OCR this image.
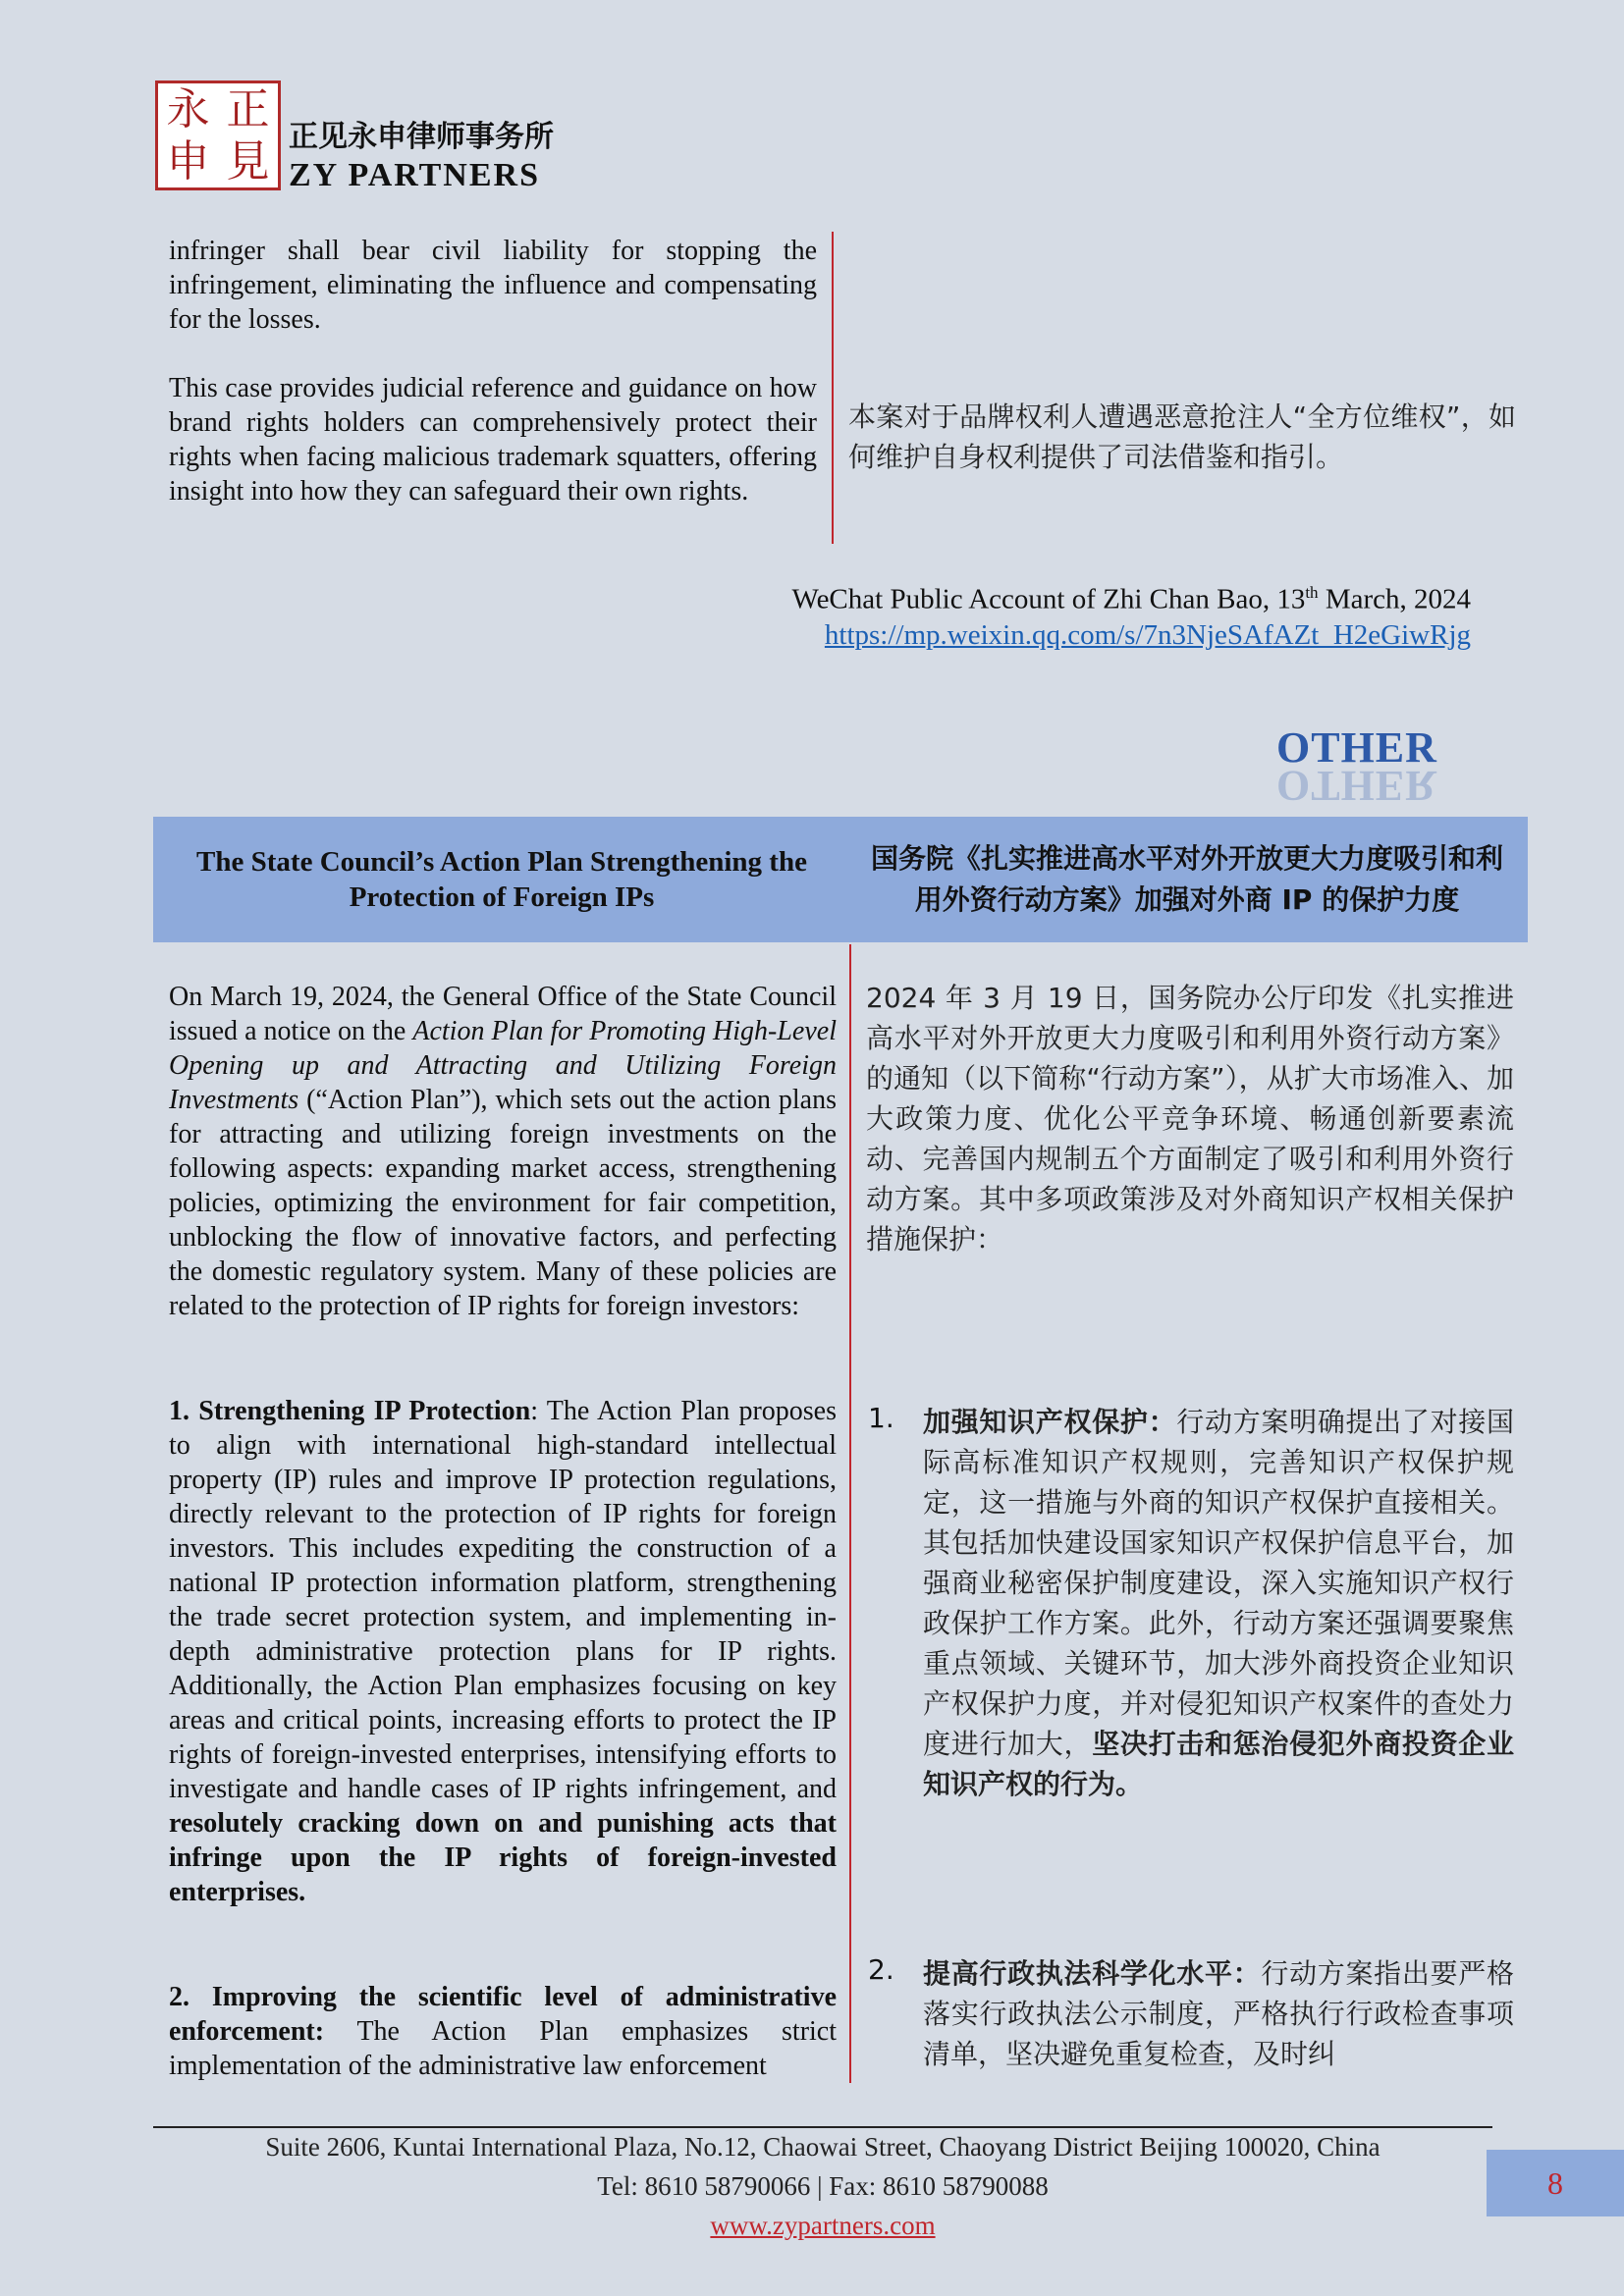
永 正
申 見 正见永申律师事务所
ZY PARTNERS
infringer shall bear civil liability for stopping the infringement, eliminating the influence and compensating for the losses.
This case provides judicial reference and guidance on how brand rights holders can comprehensively protect their rights when facing malicious trademark squatters, offering insight into how they can safeguard their own rights.
本案对于品牌权利人遭遇恶意抢注人“全方位维权”，如何维护自身权利提供了司法借鉴和指引。
WeChat Public Account of Zhi Chan Bao, 13th March, 2024
https://mp.weixin.qq.com/s/7n3NjeSAfAZt_H2eGiwRjg
OTHER
OTHER
The State Council’s Action Plan Strengthening the Protection of Foreign IPs
国务院《扎实推进高水平对外开放更大力度吸引和利用外资行动方案》加强对外商 IP 的保护力度
On March 19, 2024, the General Office of the State Council issued a notice on the Action Plan for Promoting High-Level Opening up and Attracting and Utilizing Foreign Investments (“Action Plan”), which sets out the action plans for attracting and utilizing foreign investments on the following aspects: expanding market access, strengthening policies, optimizing the environment for fair competition, unblocking the flow of innovative factors, and perfecting the domestic regulatory system. Many of these policies are related to the protection of IP rights for foreign investors:
2024 年 3 月 19 日，国务院办公厅印发《扎实推进高水平对外开放更大力度吸引和利用外资行动方案》的通知（以下简称“行动方案”），从扩大市场准入、加大政策力度、优化公平竞争环境、畅通创新要素流动、完善国内规制五个方面制定了吸引和利用外资行动方案。其中多项政策涉及对外商知识产权相关保护措施保护：
1. Strengthening IP Protection: The Action Plan proposes to align with international high-standard intellectual property (IP) rules and improve IP protection regulations, directly relevant to the protection of IP rights for foreign investors. This includes expediting the construction of a national IP protection information platform, strengthening the trade secret protection system, and implementing in-depth administrative protection plans for IP rights. Additionally, the Action Plan emphasizes focusing on key areas and critical points, increasing efforts to protect the IP rights of foreign-invested enterprises, intensifying efforts to investigate and handle cases of IP rights infringement, and resolutely cracking down on and punishing acts that infringe upon the IP rights of foreign-invested enterprises.
1. 加强知识产权保护：行动方案明确提出了对接国际高标准知识产权规则，完善知识产权保护规定，这一措施与外商的知识产权保护直接相关。其包括加快建设国家知识产权保护信息平台，加强商业秘密保护制度建设，深入实施知识产权行政保护工作方案。此外，行动方案还强调要聚焦重点领域、关键环节，加大涉外商投资企业知识产权保护力度，并对侵犯知识产权案件的查处力度进行加大，坚决打击和惩治侵犯外商投资企业知识产权的行为。
2. Improving the scientific level of administrative enforcement: The Action Plan emphasizes strict implementation of the administrative law enforcement
2. 提高行政执法科学化水平：行动方案指出要严格落实行政执法公示制度，严格执行行政检查事项清单，坚决避免重复检查，及时纠
Suite 2606, Kuntai International Plaza, No.12, Chaowai Street, Chaoyang District Beijing 100020, China
Tel: 8610 58790066 | Fax: 8610 58790088
www.zypartners.com
8
